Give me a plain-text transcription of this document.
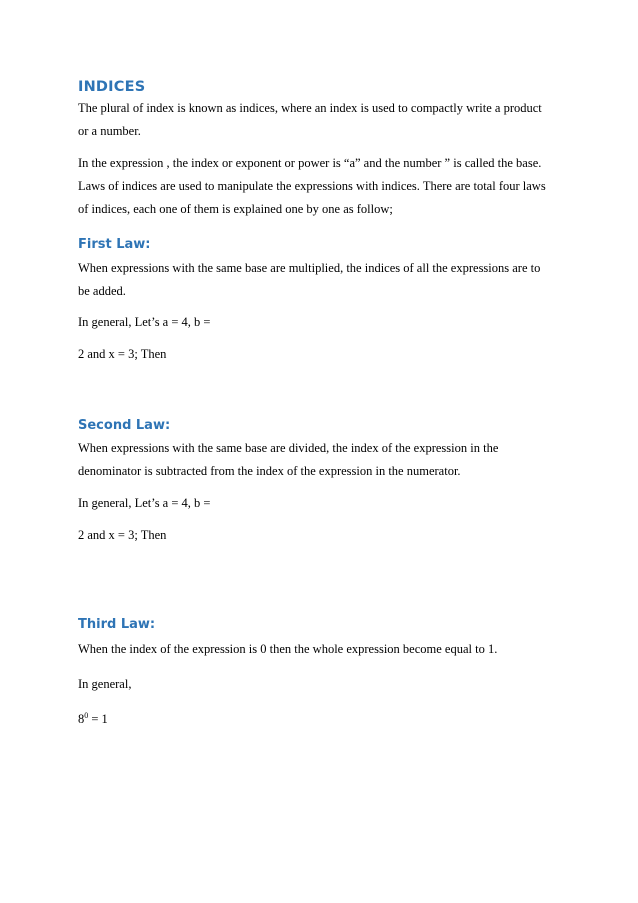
INDICES

The plural of index is known as indices, where an index is used to compactly write a product

or a number.

In the expression , the index or exponent or power is “a” and the number ” is called the base.

Laws of indices are used to manipulate the expressions with indices. There are total four laws

of indices, each one of them is explained one by one as follow;

First Law:

When expressions with the same base are multiplied, the indices of all the expressions are to

be added.

In general, Let’s a = 4, b =

2 and x = 3; Then

Second Law:

When expressions with the same base are divided, the index of the expression in the

denominator is subtracted from the index of the expression in the numerator.

In general, Let’s a = 4, b =

2 and x = 3; Then

Third Law:

When the index of the expression is 0 then the whole expression become equal to 1.

In general,

$8^0 = 1$
